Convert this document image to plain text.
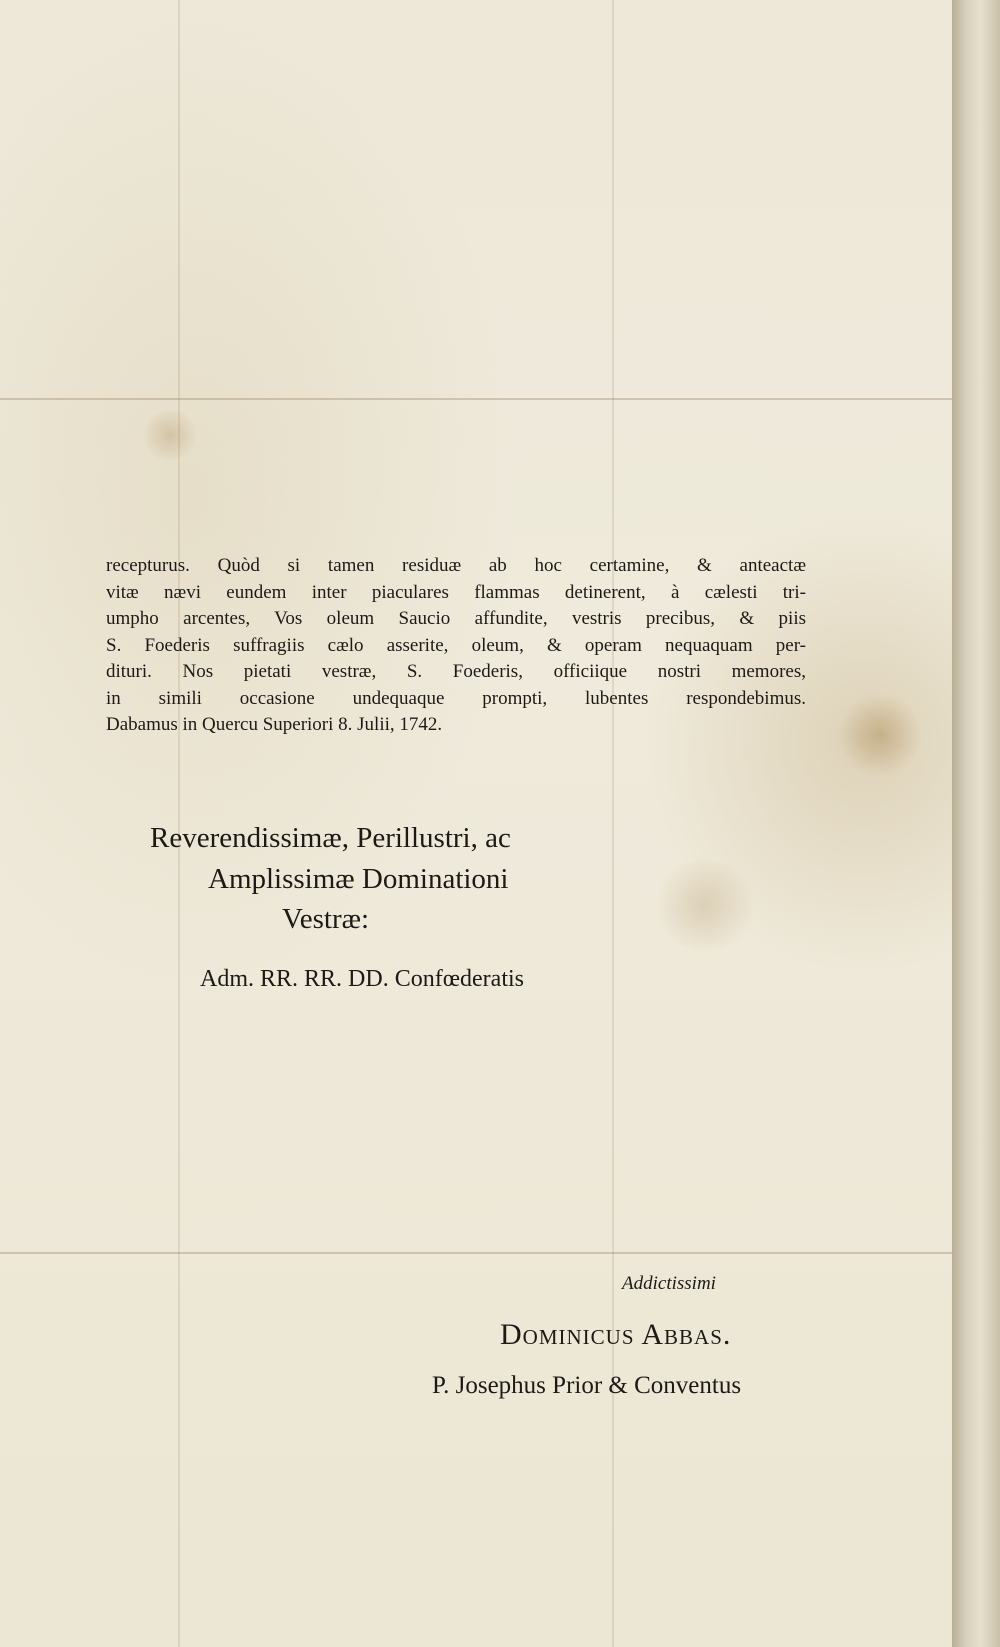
recepturus. Quòd si tamen residuæ ab hoc certamine, & anteactæ
vitæ nævi eundem inter piaculares flammas detinerent, à cælesti tri-
umpho arcentes, Vos oleum Saucio affundite, vestris precibus, & piis
S. Foederis suffragiis cælo asserite, oleum, & operam nequaquam per-
dituri. Nos pietati vestræ, S. Foederis, officiique nostri memores,
in simili occasione undequaque prompti, lubentes respondebimus.
Dabamus in Quercu Superiori 8. Julii, 1742.
Reverendissimæ, Perillustri, ac
Amplissimæ Dominationi
Vestræ:
Adm. RR. RR. DD. Confœderatis
Addictissimi
Dominicus Abbas.
P. Josephus Prior & Conventus
